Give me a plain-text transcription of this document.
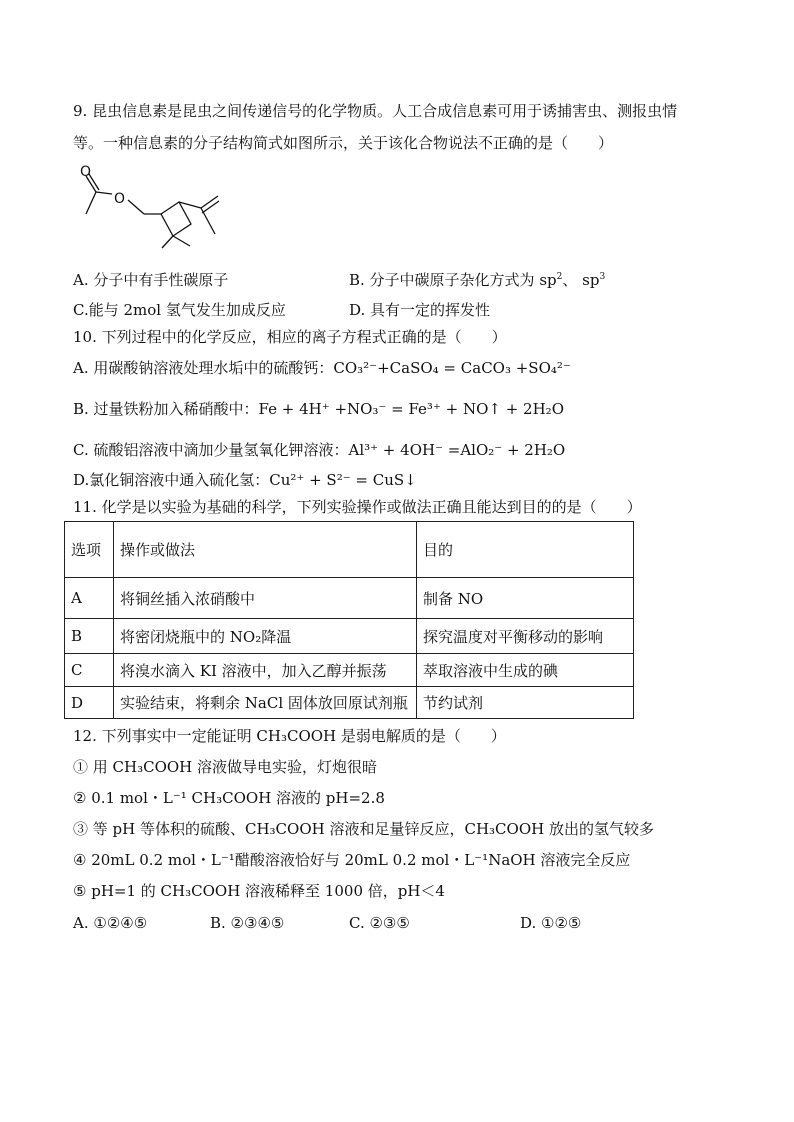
9. 昆虫信息素是昆虫之间传递信号的化学物质。人工合成信息素可用于诱捕害虫、测报虫情
等。一种信息素的分子结构简式如图所示，关于该化合物说法不正确的是（　　）
O
O
A. 分子中有手性碳原子	B. 分子中碳原子杂化方式为 $sp^2$、 $sp^3$
C.能与 2mol 氢气发生加成反应	D. 具有一定的挥发性
10. 下列过程中的化学反应，相应的离子方程式正确的是（　　）
A. 用碳酸钠溶液处理水垢中的硫酸钙：CO₃²⁻+CaSO₄ = CaCO₃ +SO₄²⁻
B. 过量铁粉加入稀硝酸中：Fe + 4H⁺ +NO₃⁻ = Fe³⁺ + NO↑ + 2H₂O
C. 硫酸铝溶液中滴加少量氢氧化钾溶液：Al³⁺ + 4OH⁻ =AlO₂⁻ + 2H₂O
D.氯化铜溶液中通入硫化氢：Cu²⁺ + S²⁻ = CuS↓
11. 化学是以实验为基础的科学，下列实验操作或做法正确且能达到目的的是（　　）
选项	操作或做法	目的
A	将铜丝插入浓硝酸中	制备 NO
B	将密闭烧瓶中的 NO₂降温	探究温度对平衡移动的影响
C	将溴水滴入 KI 溶液中，加入乙醇并振荡	萃取溶液中生成的碘
D	实验结束，将剩余 NaCl 固体放回原试剂瓶	节约试剂
12. 下列事实中一定能证明 CH₃COOH 是弱电解质的是（　　）
① 用 CH₃COOH 溶液做导电实验，灯炮很暗
② 0.1 mol・L⁻¹ CH₃COOH 溶液的 pH=2.8
③ 等 pH 等体积的硫酸、CH₃COOH 溶液和足量锌反应，CH₃COOH 放出的氢气较多
④ 20mL 0.2 mol・L⁻¹醋酸溶液恰好与 20mL 0.2 mol・L⁻¹NaOH 溶液完全反应
⑤ pH=1 的 CH₃COOH 溶液稀释至 1000 倍，pH＜4
A. ①②④⑤	B. ②③④⑤	C. ②③⑤	D. ①②⑤
